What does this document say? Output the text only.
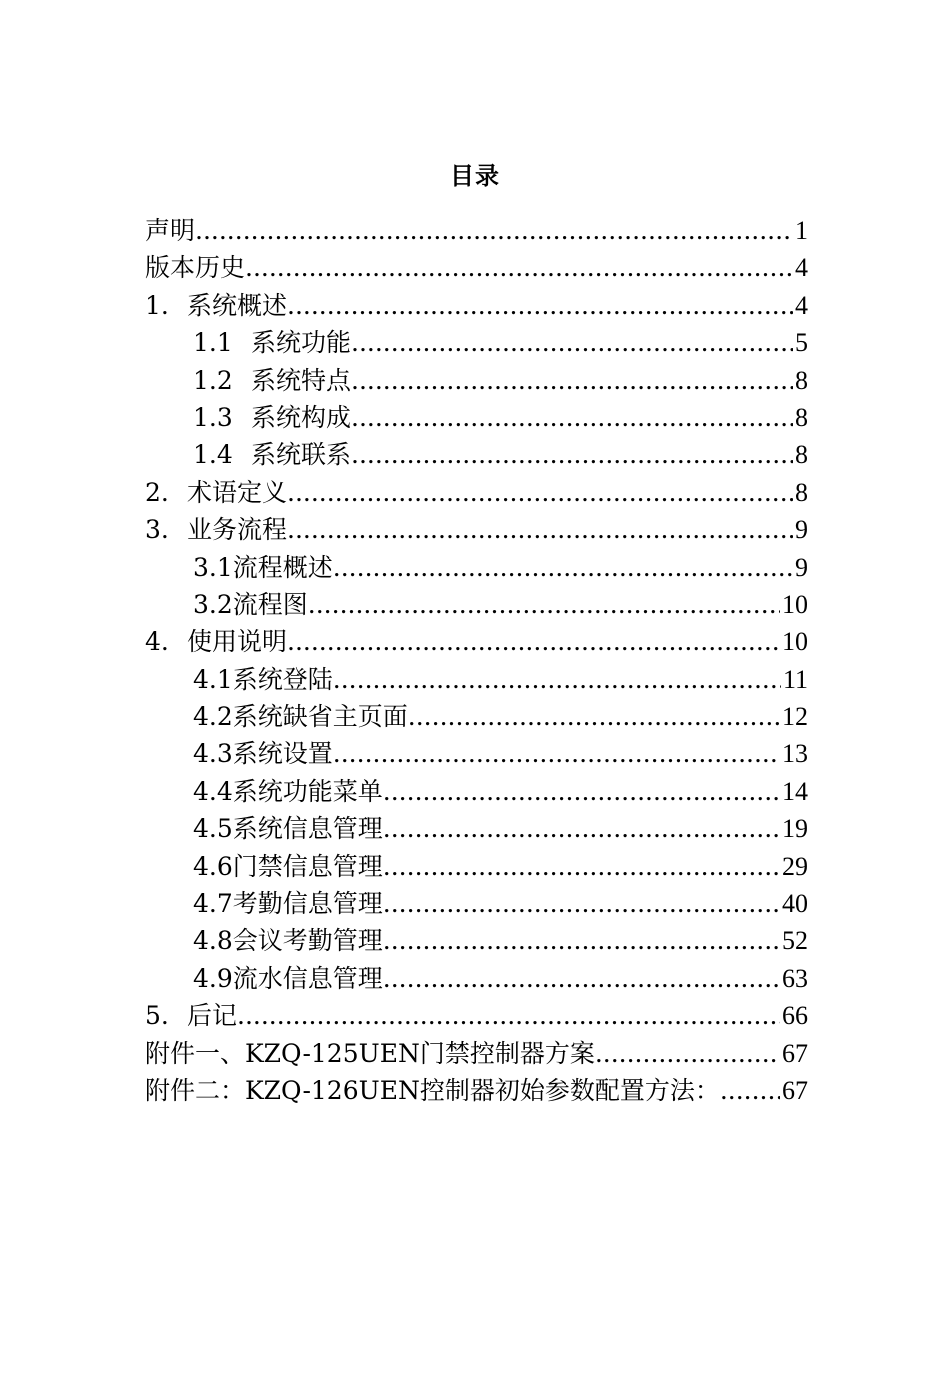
目录
声明 .....	1
版本历史 .....	4
1. 系统概述 .....	4
1.1 系统功能 .....	5
1.2 系统特点 .....	8
1.3 系统构成 .....	8
1.4 系统联系 .....	8
2. 术语定义 .....	8
3. 业务流程 .....	9
3.1 流程概述 .....	9
3.2 流程图 .....	10
4. 使用说明 .....	10
4.1 系统登陆 .....	11
4.2 系统缺省主页面 .....	12
4.3 系统设置 .....	13
4.4 系统功能菜单 .....	14
4.5 系统信息管理 .....	19
4.6 门禁信息管理 .....	29
4.7 考勤信息管理 .....	40
4.8 会议考勤管理 .....	52
4.9 流水信息管理 .....	63
5. 后记 .....	66
附件一、KZQ-125UEN门禁控制器方案 .....	67
附件二：KZQ-126UEN控制器初始参数配置方法： ..... 67
